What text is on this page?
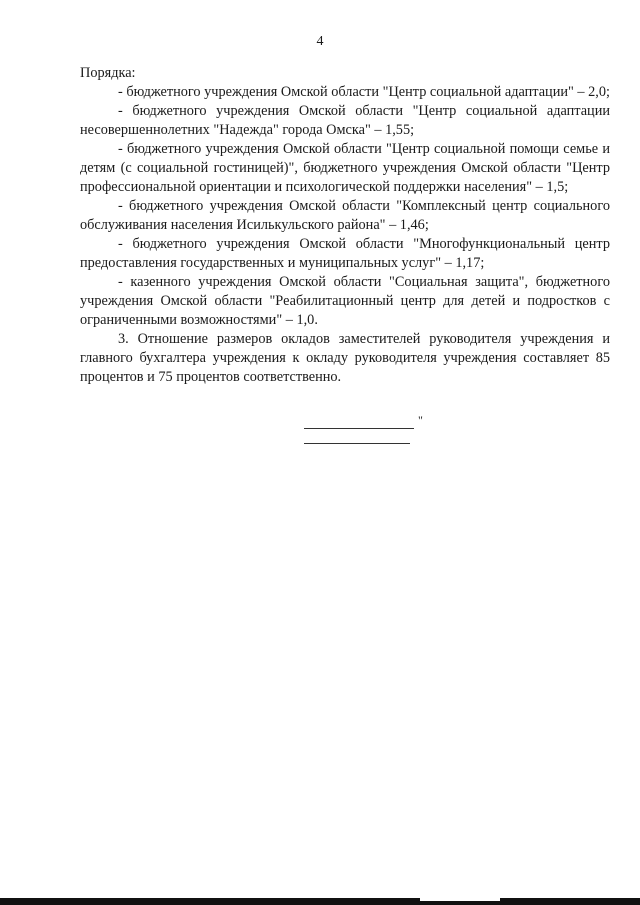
4

Порядка:

- бюджетного учреждения Омской области "Центр социальной адаптации" – 2,0;

- бюджетного учреждения Омской области "Центр социальной адаптации несовершеннолетних "Надежда" города Омска" – 1,55;

- бюджетного учреждения Омской области "Центр социальной помощи семье и детям (с социальной гостиницей)", бюджетного учреждения Омской области "Центр профессиональной ориентации и психологической поддержки населения" – 1,5;

- бюджетного учреждения Омской области "Комплексный центр социального обслуживания населения Исилькульского района" – 1,46;

- бюджетного учреждения Омской области "Многофункциональный центр предоставления государственных и муниципальных услуг" – 1,17;

- казенного учреждения Омской области "Социальная защита", бюджетного учреждения Омской области "Реабилитационный центр для детей и подростков с ограниченными возможностями" – 1,0.

3. Отношение размеров окладов заместителей руководителя учреждения и главного бухгалтера учреждения к окладу руководителя учреждения составляет 85 процентов и 75 процентов соответственно.

"
